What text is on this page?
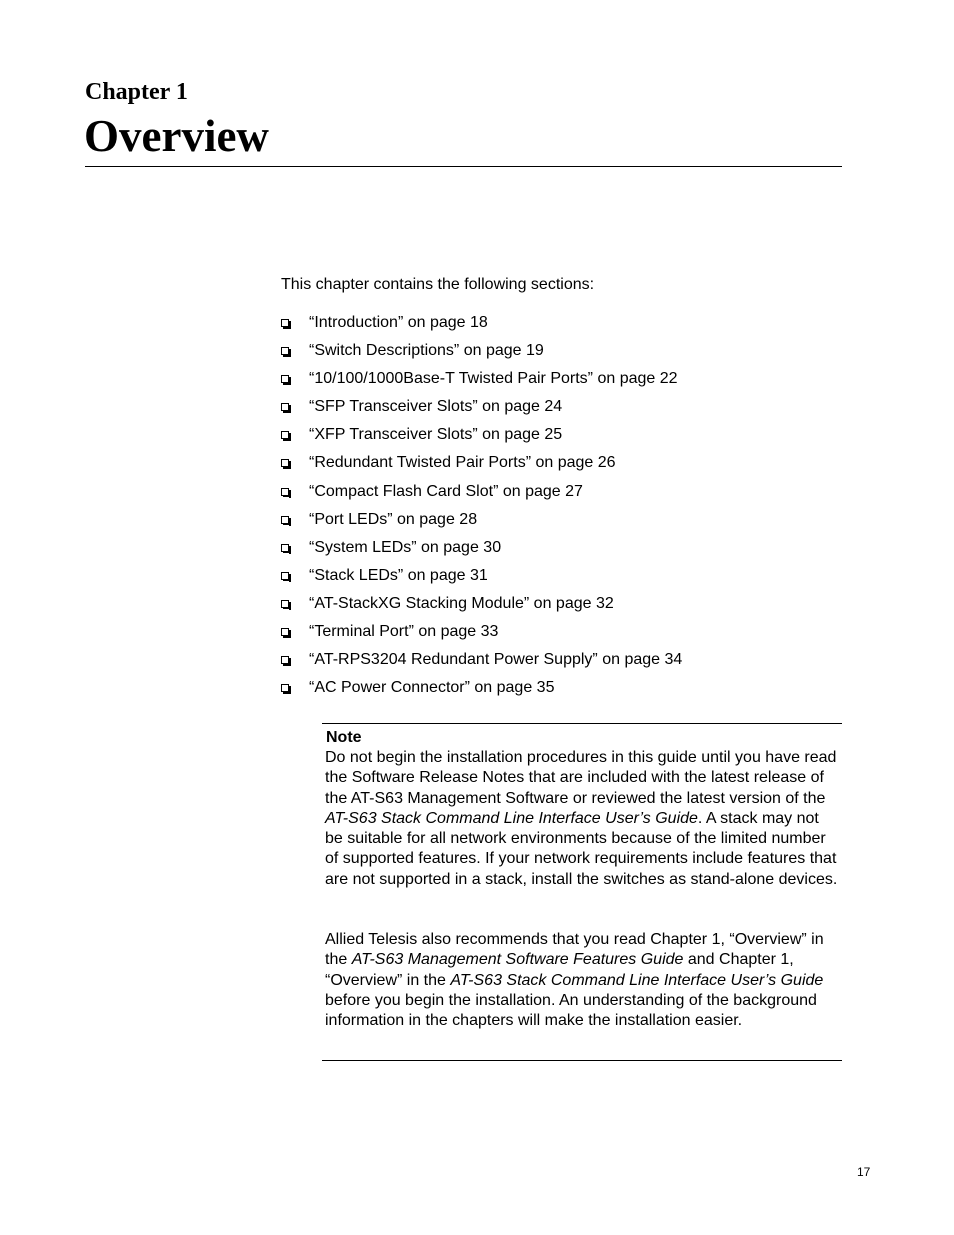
Chapter 1
Overview
This chapter contains the following sections:
“Introduction” on page 18
“Switch Descriptions” on page 19
“10/100/1000Base-T Twisted Pair Ports” on page 22
“SFP Transceiver Slots” on page 24
“XFP Transceiver Slots” on page 25
“Redundant Twisted Pair Ports” on page 26
“Compact Flash Card Slot” on page 27
“Port LEDs” on page 28
“System LEDs” on page 30
“Stack LEDs” on page 31
“AT-StackXG Stacking Module” on page 32
“Terminal Port” on page 33
“AT-RPS3204 Redundant Power Supply” on page 34
“AC Power Connector” on page 35
Note

Do not begin the installation procedures in this guide until you have read the Software Release Notes that are included with the latest release of the AT-S63 Management Software or reviewed the latest version of the AT-S63 Stack Command Line Interface User’s Guide. A stack may not be suitable for all network environments because of the limited number of supported features. If your network requirements include features that are not supported in a stack, install the switches as stand-alone devices.

Allied Telesis also recommends that you read Chapter 1, “Overview” in the AT-S63 Management Software Features Guide and Chapter 1, “Overview” in the AT-S63 Stack Command Line Interface User’s Guide before you begin the installation. An understanding of the background information in the chapters will make the installation easier.

17
